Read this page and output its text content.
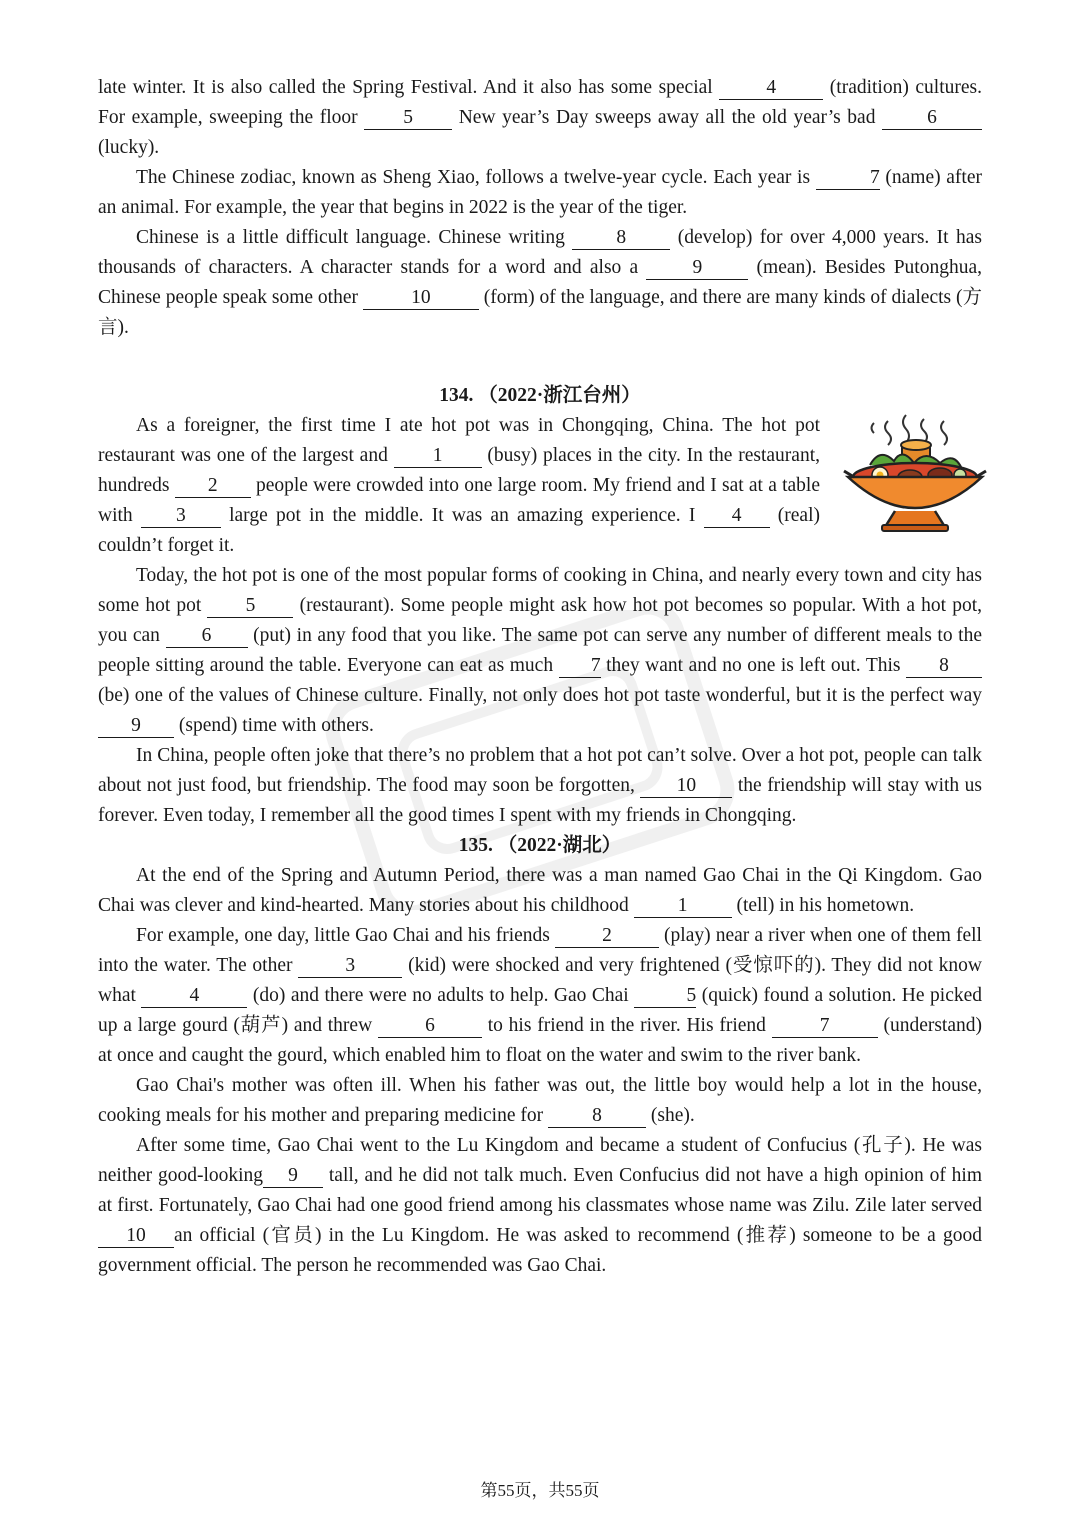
late winter. It is also called the Spring Festival. And it also has some special 4 (tradition) cultures. For example, sweeping the floor 5 New year’s Day sweeps away all the old year’s bad 6 (lucky).

The Chinese zodiac, known as Sheng Xiao, follows a twelve-year cycle. Each year is	7 (name) after an animal. For example, the year that begins in 2022 is the year of the tiger.

Chinese is a little difficult language. Chinese writing 8 (develop) for over 4,000 years. It has thousands of characters. A character stands for a word and also a 9 (mean). Besides Putonghua, Chinese people speak some other 10 (form) of the language, and there are many kinds of dialects (方言).

134. （2022·浙江台州）

As a foreigner, the first time I ate hot pot was in Chongqing, China. The hot pot restaurant was one of the largest and 1 (busy) places in the city. In the restaurant, hundreds 2 people were crowded into one large room. My friend and I sat at a table with 3 large pot in the middle. It was an amazing experience. I 4 (real) couldn’t forget it.

Today, the hot pot is one of the most popular forms of cooking in China, and nearly every town and city has some hot pot 5 (restaurant). Some people might ask how hot pot becomes so popular. With a hot pot, you can 6 (put) in any food that you like. The same pot can serve any number of different meals to the people sitting around the table. Everyone can eat as much 7 they want and no one is left out. This 8 (be) one of the values of Chinese culture. Finally, not only does hot pot taste wonderful, but it is the perfect way 9 (spend) time with others.

In China, people often joke that there’s no problem that a hot pot can’t solve. Over a hot pot, people can talk about not just food, but friendship. The food may soon be forgotten, 10 the friendship will stay with us forever. Even today, I remember all the good times I spent with my friends in Chongqing.

135. （2022·湖北）

At the end of the Spring and Autumn Period, there was a man named Gao Chai in the Qi Kingdom. Gao Chai was clever and kind-hearted. Many stories about his childhood 1 (tell) in his hometown.

For example, one day, little Gao Chai and his friends 2 (play) near a river when one of them fell into the water. The other 3 (kid) were shocked and very frightened (受惊吓的). They did not know what 4 (do) and there were no adults to help. Gao Chai	5 (quick) found a solution. He picked up a large gourd (葫芦) and threw 6 to his friend in the river. His friend 7 (understand) at once and caught the gourd, which enabled him to float on the water and swim to the river bank.

Gao Chai's mother was often ill. When his father was out, the little boy would help a lot in the house, cooking meals for his mother and preparing medicine for 8 (she).

After some time, Gao Chai went to the Lu Kingdom and became a student of Confucius (孔子). He was neither good-looking 9 tall, and he did not talk much. Even Confucius did not have a high opinion of him at first. Fortunately, Gao Chai had one good friend among his classmates whose name was Zilu. Zile later served10 an official (官员) in the Lu Kingdom. He was asked to recommend (推荐) someone to be a good government official. The person he recommended was Gao Chai.

第55页，共55页
